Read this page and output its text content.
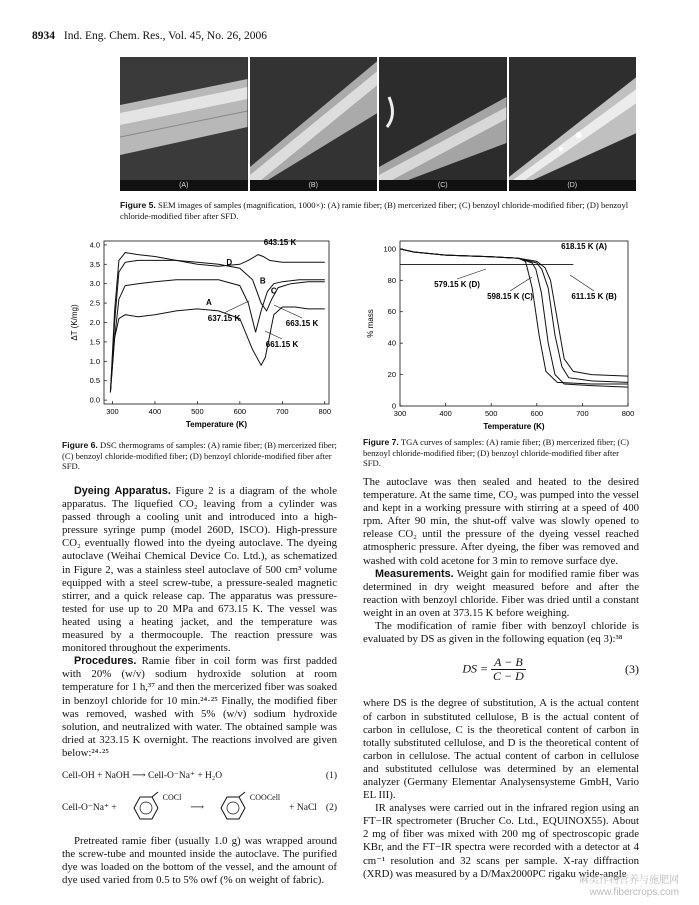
8934 Ind. Eng. Chem. Res., Vol. 45, No. 26, 2006
(A)	(B)	(C)	(D)
Figure 5. SEM images of samples (magnification, 1000×): (A) ramie fiber; (B) mercerized fiber; (C) benzoyl chloride-modified fiber; (D) benzoyl chloride-modified fiber after SFD.
300	400	500	600	700	800
0.0
0.5
1.0
1.5
2.0
2.5
3.0
3.5
4.0
Temperature (K)
ΔT (K/mg)
D
B
C
A
643.15 K
637.15 K
663.15 K
661.15 K
Figure 6. DSC thermograms of samples: (A) ramie fiber; (B) mercerized fiber; (C) benzoyl chloride-modified fiber; (D) benzoyl chloride-modified fiber after SFD.
300	400	500	600	700	800
0
20
40
60
80
100
Temperature (K)
% mass
618.15 K (A)
579.15 K (D)
598.15 K (C)	611.15 K (B)
Figure 7. TGA curves of samples: (A) ramie fiber; (B) mercerized fiber; (C) benzoyl chloride-modified fiber; (D) benzoyl chloride-modified fiber after SFD.

Dyeing Apparatus. Figure 2 is a diagram of the whole apparatus. The liquefied CO₂ leaving from a cylinder was passed through a cooling unit and introduced into a high-pressure syringe pump (model 260D, ISCO). High-pressure CO₂ eventually flowed into the dyeing autoclave. The dyeing autoclave (Weihai Chemical Device Co. Ltd.), as schematized in Figure 2, was a stainless steel autoclave of 500 cm³ volume equipped with a steel screw-tube, a pressure-sealed magnetic stirrer, and a quick release cap. The apparatus was pressure-tested for use up to 20 MPa and 673.15 K. The vessel was heated using a heating jacket, and the temperature was measured by a thermocouple. The reaction pressure was monitored throughout the experiments.

Procedures. Ramie fiber in coil form was first padded with 20% (w/v) sodium hydroxide solution at room temperature for 1 h,³⁷ and then the mercerized fiber was soaked in benzoyl chloride for 10 min.²⁴·²⁵ Finally, the modified fiber was removed, washed with 5% (w/v) sodium hydroxide solution, and neutralized with water. The obtained sample was dried at 323.15 K overnight. The reactions involved are given below:²⁴·²⁵

Cell-OH + NaOH ⟶ Cell-O⁻Na⁺ + H₂O	(1)
Cell-O⁻Na⁺ +
COCl
⟶
COOCell
+ NaCl (2)

Pretreated ramie fiber (usually 1.0 g) was wrapped around the screw-tube and mounted inside the autoclave. The purified dye was loaded on the bottom of the vessel, and the amount of dye used varied from 0.5 to 5% owf (% on weight of fabric).

The autoclave was then sealed and heated to the desired temperature. At the same time, CO₂ was pumped into the vessel and kept in a working pressure with stirring at a speed of 400 rpm. After 90 min, the shut-off valve was slowly opened to release CO₂ until the pressure of the dyeing vessel reached atmospheric pressure. After dyeing, the fiber was removed and washed with cold acetone for 3 min to remove surface dye.

Measurements. Weight gain for modified ramie fiber was determined in dry weight measured before and after the reaction with benzoyl chloride. Fiber was dried until a constant weight in an oven at 373.15 K before weighing.

The modification of ramie fiber with benzoyl chloride is evaluated by DS as given in the following equation (eq 3):³⁸

DS = $\frac{A - B}{C - D}$	(3)

where DS is the degree of substitution, A is the actual content of carbon in substituted cellulose, B is the actual content of carbon in cellulose, C is the theoretical content of carbon in totally substituted cellulose, and D is the theoretical content of carbon in cellulose. The actual content of carbon in cellulose and substituted cellulose was determined by an elemental analyzer (Germany Elementar Analysensysteme GmbH, Vario EL III).

IR analyses were carried out in the infrared region using an FT−IR spectrometer (Brucher Co. Ltd., EQUINOX55). About 2 mg of fiber was mixed with 200 mg of spectroscopic grade KBr, and the FT−IR spectra were recorded with a detector at 4 cm⁻¹ resolution and 32 scans per sample. X-ray diffraction (XRD) was measured by a D/Max2000PC rigaku wide-angle

麻类作物营养与施肥网
www.fibercrops.com
